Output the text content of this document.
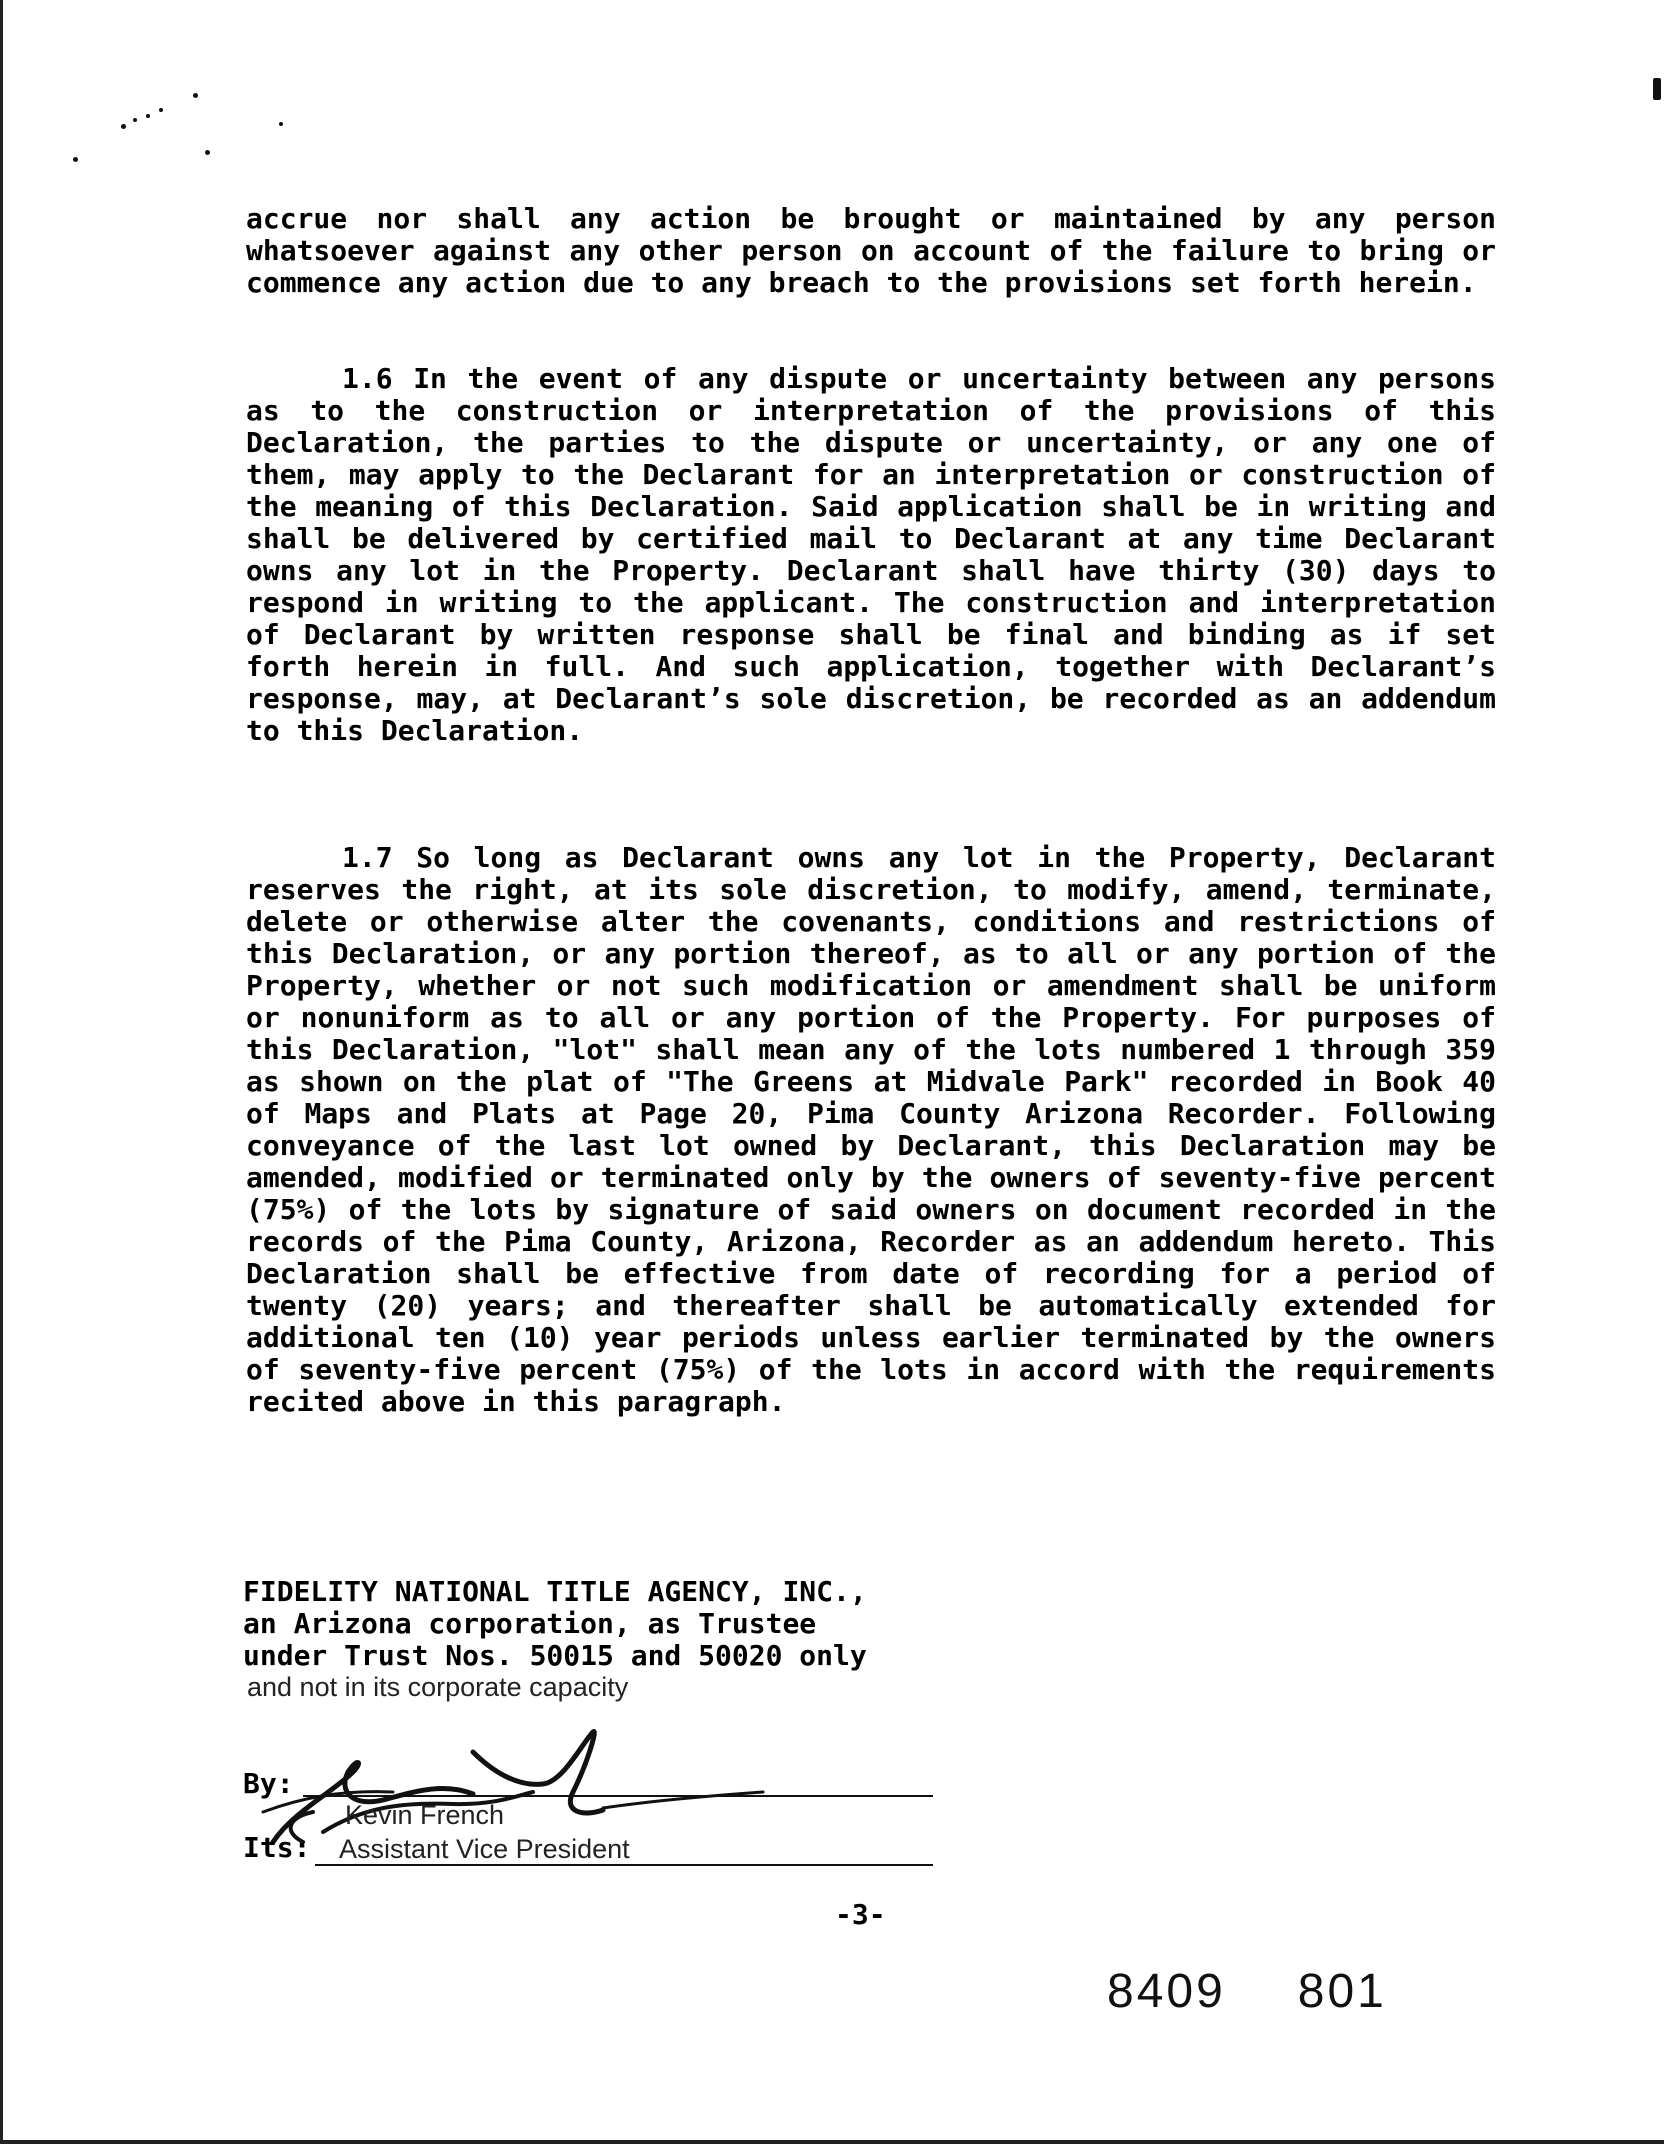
accrue nor shall any action be brought or maintained by any person whatsoever against any other person on account of the failure to bring or commence any action due to any breach to the provisions set forth herein.

1.6 In the event of any dispute or uncertainty between any persons as to the construction or interpretation of the provisions of this Declaration, the parties to the dispute or uncertainty, or any one of them, may apply to the Declarant for an interpretation or construction of the meaning of this Declaration. Said application shall be in writing and shall be delivered by certified mail to Declarant at any time Declarant owns any lot in the Property. Declarant shall have thirty (30) days to respond in writing to the applicant. The construction and interpretation of Declarant by written response shall be final and binding as if set forth herein in full. And such application, together with Declarant’s response, may, at Declarant’s sole discretion, be recorded as an addendum to this Declaration.

1.7 So long as Declarant owns any lot in the Property, Declarant reserves the right, at its sole discretion, to modify, amend, terminate, delete or otherwise alter the covenants, conditions and restrictions of this Declaration, or any portion thereof, as to all or any portion of the Property, whether or not such modification or amendment shall be uniform or nonuniform as to all or any portion of the Property. For purposes of this Declaration, "lot" shall mean any of the lots numbered 1 through 359 as shown on the plat of "The Greens at Midvale Park" recorded in Book 40 of Maps and Plats at Page 20, Pima County Arizona Recorder. Following conveyance of the last lot owned by Declarant, this Declaration may be amended, modified or terminated only by the owners of seventy-five percent (75%) of the lots by signature of said owners on document recorded in the records of the Pima County, Arizona, Recorder as an addendum hereto. This Declaration shall be effective from date of recording for a period of twenty (20) years; and thereafter shall be automatically extended for additional ten (10) year periods unless earlier terminated by the owners of seventy-five percent (75%) of the lots in accord with the requirements recited above in this paragraph.

FIDELITY NATIONAL TITLE AGENCY, INC.,
an Arizona corporation, as Trustee
under Trust Nos. 50015 and 50020 only
and not in its corporate capacity
By:
Kevin French
Its: Assistant Vice President
-3-
8409 801
